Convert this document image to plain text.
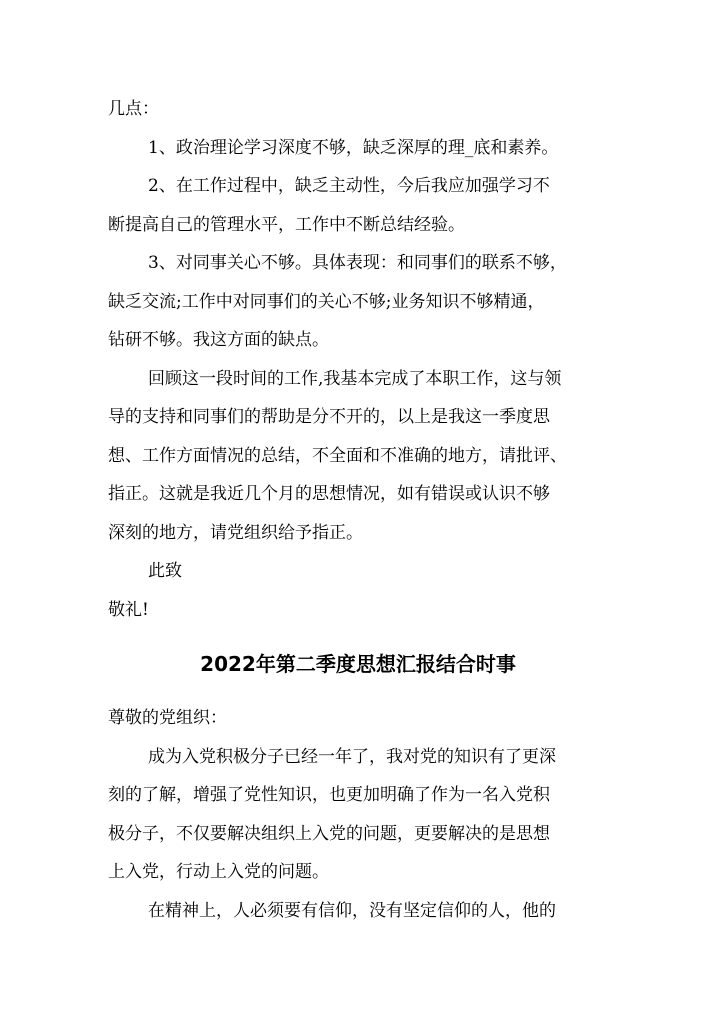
几点：
1、政治理论学习深度不够，缺乏深厚的理_底和素养。
2、在工作过程中，缺乏主动性，今后我应加强学习不
断提高自己的管理水平，工作中不断总结经验。
3、对同事关心不够。具体表现：和同事们的联系不够，
缺乏交流;工作中对同事们的关心不够;业务知识不够精通，
钻研不够。我这方面的缺点。
回顾这一段时间的工作,我基本完成了本职工作，这与领
导的支持和同事们的帮助是分不开的，以上是我这一季度思
想、工作方面情况的总结，不全面和不准确的地方，请批评、
指正。这就是我近几个月的思想情况，如有错误或认识不够
深刻的地方，请党组织给予指正。
此致
敬礼!
2022年第二季度思想汇报结合时事
尊敬的党组织：
成为入党积极分子已经一年了，我对党的知识有了更深
刻的了解，增强了党性知识，也更加明确了作为一名入党积
极分子，不仅要解决组织上入党的问题，更要解决的是思想
上入党，行动上入党的问题。
在精神上，人必须要有信仰，没有坚定信仰的人，他的
